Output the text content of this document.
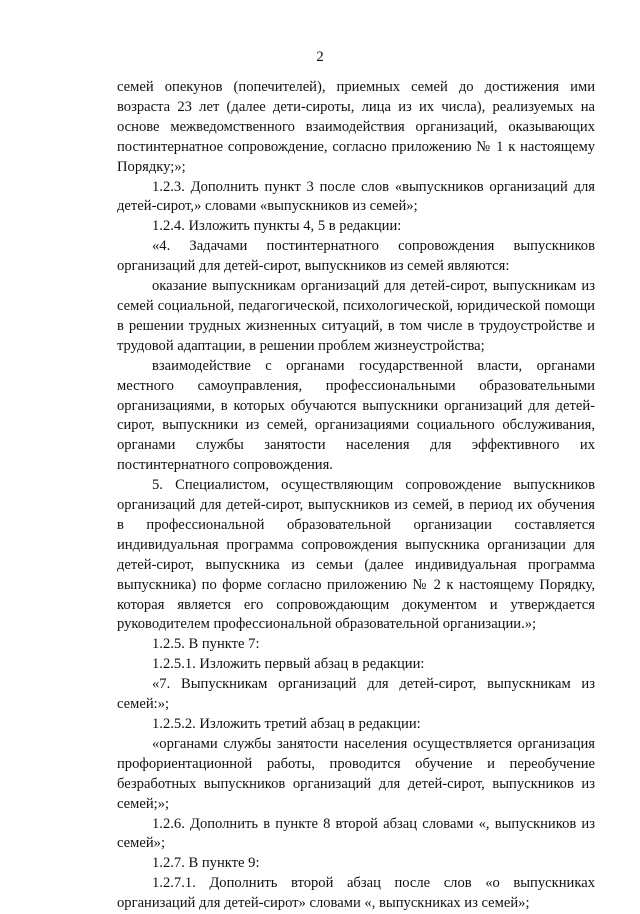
2

семей опекунов (попечителей), приемных семей до достижения ими возраста 23 лет (далее дети-сироты, лица из их числа), реализуемых на основе межведомственного взаимодействия организаций, оказывающих постинтернатное сопровождение, согласно приложению № 1 к настоящему Порядку;»;

1.2.3. Дополнить пункт 3 после слов «выпускников организаций для детей-сирот,» словами «выпускников из семей»;

1.2.4. Изложить пункты 4, 5 в редакции:

«4. Задачами постинтернатного сопровождения выпускников организаций для детей-сирот, выпускников из семей являются:

оказание выпускникам организаций для детей-сирот, выпускникам из семей социальной, педагогической, психологической, юридической помощи в решении трудных жизненных ситуаций, в том числе в трудоустройстве и трудовой адаптации, в решении проблем жизнеустройства;

взаимодействие с органами государственной власти, органами местного самоуправления, профессиональными образовательными организациями, в которых обучаются выпускники организаций для детей-сирот, выпускники из семей, организациями социального обслуживания, органами службы занятости населения для эффективного их постинтернатного сопровождения.

5. Специалистом, осуществляющим сопровождение выпускников организаций для детей-сирот, выпускников из семей, в период их обучения в профессиональной образовательной организации составляется индивидуальная программа сопровождения выпускника организации для детей-сирот, выпускника из семьи (далее индивидуальная программа выпускника) по форме согласно приложению № 2 к настоящему Порядку, которая является его сопровождающим документом и утверждается руководителем профессиональной образовательной организации.»;

1.2.5. В пункте 7:

1.2.5.1. Изложить первый абзац в редакции:

«7. Выпускникам организаций для детей-сирот, выпускникам из семей:»;

1.2.5.2. Изложить третий абзац в редакции:

«органами службы занятости населения осуществляется организация профориентационной работы, проводится обучение и переобучение безработных выпускников организаций для детей-сирот, выпускников из семей;»;

1.2.6. Дополнить в пункте 8 второй абзац словами «, выпускников из семей»;

1.2.7. В пункте 9:

1.2.7.1. Дополнить второй абзац после слов «о выпускниках организаций для детей-сирот» словами «, выпускниках из семей»;
